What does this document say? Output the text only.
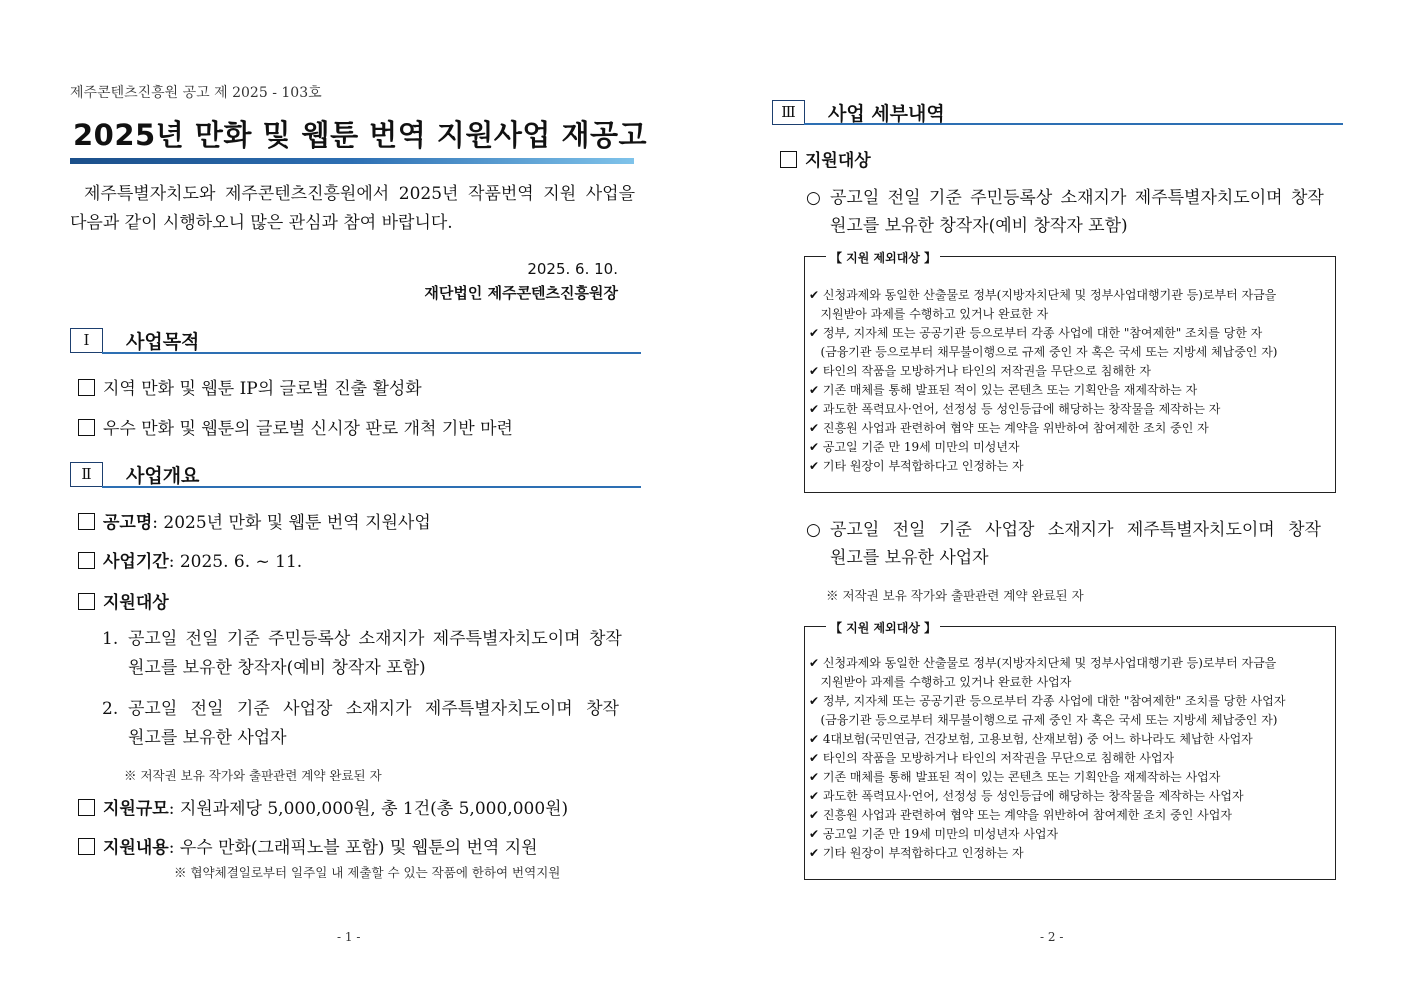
제주콘텐츠진흥원 공고 제 2025 - 103호
2025년 만화 및 웹툰 번역 지원사업 재공고
제주특별자치도와 제주콘텐츠진흥원에서 2025년 작품번역 지원 사업을 다음과 같이 시행하오니 많은 관심과 참여 바랍니다.
2025. 6. 10.
재단법인 제주콘텐츠진흥원장
Ⅰ	사업목적
지역 만화 및 웹툰 IP의 글로벌 진출 활성화
우수 만화 및 웹툰의 글로벌 신시장 판로 개척 기반 마련
Ⅱ	사업개요
공고명: 2025년 만화 및 웹툰 번역 지원사업
사업기간: 2025. 6. ~ 11.
지원대상
1. 공고일 전일 기준 주민등록상 소재지가 제주특별자치도이며 창작
원고를 보유한 창작자(예비 창작자 포함)
2. 공고일 전일 기준 사업장 소재지가 제주특별자치도이며 창작
원고를 보유한 사업자
※ 저작권 보유 작가와 출판관련 계약 완료된 자
지원규모: 지원과제당 5,000,000원, 총 1건(총 5,000,000원)
지원내용: 우수 만화(그래픽노블 포함) 및 웹툰의 번역 지원
※ 협약체결일로부터 일주일 내 제출할 수 있는 작품에 한하여 번역지원
- 1 -
Ⅲ	사업 세부내역
지원대상
○ 공고일 전일 기준 주민등록상 소재지가 제주특별자치도이며 창작
원고를 보유한 창작자(예비 창작자 포함)
【 지원 제외대상 】
✔ 신청과제와 동일한 산출물로 정부(지방자치단체 및 정부사업대행기관 등)로부터 자금을
지원받아 과제를 수행하고 있거나 완료한 자
✔ 정부, 지자체 또는 공공기관 등으로부터 각종 사업에 대한 "참여제한" 조치를 당한 자
(금융기관 등으로부터 채무불이행으로 규제 중인 자 혹은 국세 또는 지방세 체납중인 자)
✔ 타인의 작품을 모방하거나 타인의 저작권을 무단으로 침해한 자
✔ 기존 매체를 통해 발표된 적이 있는 콘텐츠 또는 기획안을 재제작하는 자
✔ 과도한 폭력묘사·언어, 선정성 등 성인등급에 해당하는 창작물을 제작하는 자
✔ 진흥원 사업과 관련하여 협약 또는 계약을 위반하여 참여제한 조치 중인 자
✔ 공고일 기준 만 19세 미만의 미성년자
✔ 기타 원장이 부적합하다고 인정하는 자
○ 공고일 전일 기준 사업장 소재지가 제주특별자치도이며 창작
원고를 보유한 사업자
※ 저작권 보유 작가와 출판관련 계약 완료된 자
【 지원 제외대상 】
✔ 신청과제와 동일한 산출물로 정부(지방자치단체 및 정부사업대행기관 등)로부터 자금을
지원받아 과제를 수행하고 있거나 완료한 사업자
✔ 정부, 지자체 또는 공공기관 등으로부터 각종 사업에 대한 "참여제한" 조치를 당한 사업자
(금융기관 등으로부터 채무불이행으로 규제 중인 자 혹은 국세 또는 지방세 체납중인 자)
✔ 4대보험(국민연금, 건강보험, 고용보험, 산재보험) 중 어느 하나라도 체납한 사업자
✔ 타인의 작품을 모방하거나 타인의 저작권을 무단으로 침해한 사업자
✔ 기존 매체를 통해 발표된 적이 있는 콘텐츠 또는 기획안을 재제작하는 사업자
✔ 과도한 폭력묘사·언어, 선정성 등 성인등급에 해당하는 창작물을 제작하는 사업자
✔ 진흥원 사업과 관련하여 협약 또는 계약을 위반하여 참여제한 조치 중인 사업자
✔ 공고일 기준 만 19세 미만의 미성년자 사업자
✔ 기타 원장이 부적합하다고 인정하는 자
- 2 -
